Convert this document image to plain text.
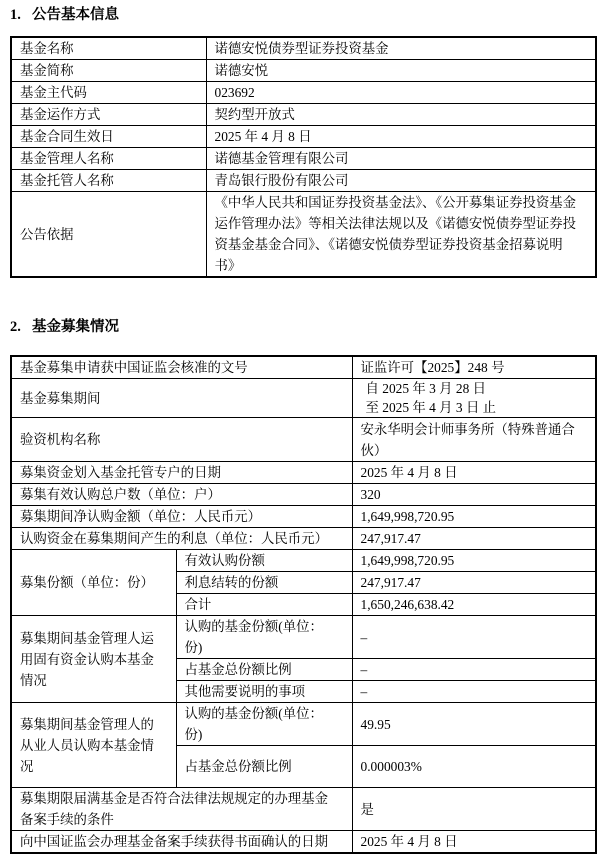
1. 公告基本信息
基金名称	诺德安悦债券型证券投资基金
基金简称	诺德安悦
基金主代码	023692
基金运作方式	契约型开放式
基金合同生效日	2025 年 4 月 8 日
基金管理人名称	诺德基金管理有限公司
基金托管人名称	青岛银行股份有限公司
公告依据	《中华人民共和国证券投资基金法》、《公开募集证券投资基金运作管理办法》等相关法律法规以及《诺德安悦债券型证券投资基金基金合同》、《诺德安悦债券型证券投资基金招募说明书》
2. 基金募集情况
基金募集申请获中国证监会核准的文号		证监许可【2025】248 号
基金募集期间		自 2025 年 3 月 28 日
至 2025 年 4 月 3 日 止

验资机构名称		安永华明会计师事务所（特殊普通合伙）
募集资金划入基金托管专户的日期		2025 年 4 月 8 日
募集有效认购总户数（单位：户）		320
募集期间净认购金额（单位：人民币元）		1,649,998,720.95
认购资金在募集期间产生的利息（单位：人民币元）		247,917.47
募集份额（单位：份）	有效认购份额	1,649,998,720.95
	利息结转的份额	247,917.47
	合计	1,650,246,638.42
募集期间基金管理人运用固有资金认购本基金情况	认购的基金份额(单位：份)	–
	占基金总份额比例	–
	其他需要说明的事项	–
募集期间基金管理人的从业人员认购本基金情况	认购的基金份额(单位：份)	49.95
	占基金总份额比例	0.000003%
募集期限届满基金是否符合法律法规规定的办理基金备案手续的条件		是
向中国证监会办理基金备案手续获得书面确认的日期		2025 年 4 月 8 日
